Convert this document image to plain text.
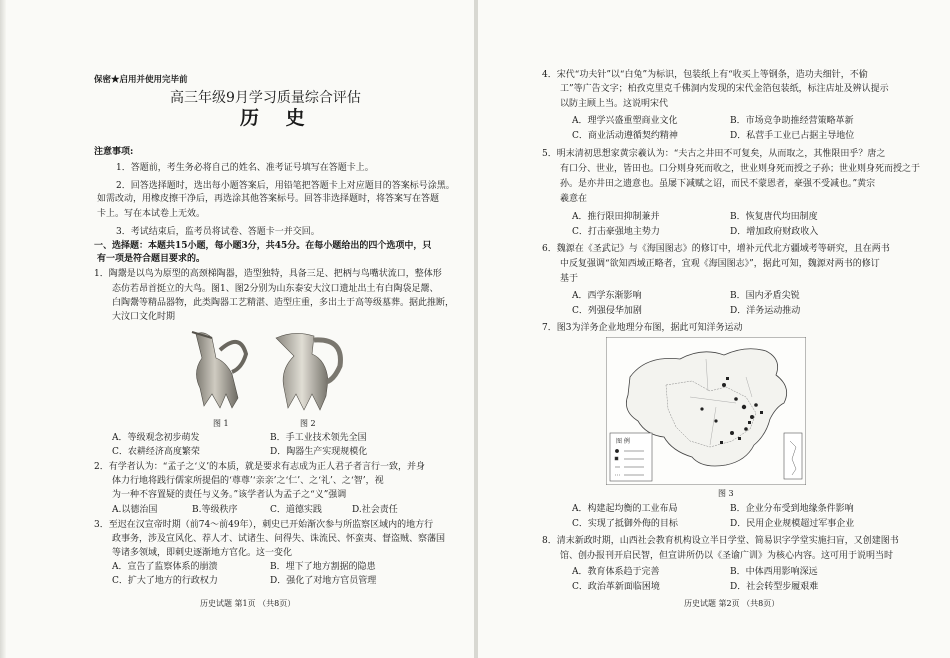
保密★启用并使用完毕前
高三年级9月学习质量综合评估
历 史
注意事项:
1．答题前，考生务必将自己的姓名、准考证号填写在答题卡上。
2．回答选择题时，选出每小题答案后，用铅笔把答题卡上对应题目的答案标号涂黑。
如需改动，用橡皮擦干净后，再选涂其他答案标号。回答非选择题时，将答案写在答题
卡上。写在本试卷上无效。
3．考试结束后，监考员将试卷、答题卡一并交回。
一、选择题：本题共15小题，每小题3分，共45分。在每小题给出的四个选项中，只
有一项是符合题目要求的。
1．陶鬶是以鸟为原型的高颈梯陶器，造型独特，具备三足、把柄与鸟嘴状流口，整体形
态仿若昂首挺立的大鸟。图1、图2分别为山东泰安大汶口遗址出土有白陶袋足鬶、
白陶鬶等精品器物，此类陶器工艺精湛、造型庄重，多出土于高等级墓葬。据此推断，
大汶口文化时期
图 1	图 2
A．等级观念初步萌发	B．手工业技术领先全国
C．农耕经济高度繁荣	D．陶器生产实现规模化
2．有学者认为：“孟子之‘义’的本质，就是要求有志成为正人君子者言行一致，并身
体力行地将践行儒家所提倡的‘尊尊’‘亲亲’之‘仁’、之‘礼’、之‘智’，视
为一种不容置疑的责任与义务。”该学者认为孟子之“义”强调
A.以德治国	B.等级秩序	C．道德实践	D.社会责任
3．至迟在汉宣帝时期（前74～前49年），刺史已开始渐次参与所监察区域内的地方行
政事务，涉及宣风化、荐人才、试诸生、问得失、诛流民、怀蛮夷、督盗贼、察藩国
等诸多领域，即刺史逐渐地方官化。这一变化
A．宣告了监察体系的崩溃	B．埋下了地方割据的隐患
C．扩大了地方的行政权力	D．强化了对地方官员管理
历史试题 第1页 （共8页）
4．宋代“功夫针”以“白兔”为标识，包装纸上有“收买上等钢条，造功夫细针，不偷
工”等广告文字；柏孜克里克千佛洞内发现的宋代金箔包装纸，标注店址及辨认提示
以防主顾上当。这说明宋代
A．理学兴盛重塑商业文化	B．市场竞争助推经营策略革新
C．商业活动遵循契约精神	D．私营手工业已占据主导地位
5．明末清初思想家黄宗羲认为：“夫古之井田不可复矣，从而取之，其惟限田乎？唐之
有口分、世业，皆田也。口分则身死而收之，世业则身死而授之子孙；世业则身死而授之于
孙。是亦井田之遗意也。虽屡下减赋之诏，而民不蒙恩者，豪强不受减也。”黄宗
羲意在
A．推行限田抑制兼并	B．恢复唐代均田制度
C．打击豪强地主势力	D．增加政府财政收入
6．魏源在《圣武记》与《海国图志》的修订中，增补元代北方疆域考等研究，且在两书
中反复强调“欲知西域正略者，宜观《海国图志》”，据此可知，魏源对两书的修订
基于
A．西学东渐影响	B．国内矛盾尖锐
C．列强侵华加剧	D．洋务运动推动
7．图3为洋务企业地理分布图，据此可知洋务运动
图 例
图 3
A．构建起均衡的工业布局	B．企业分布受到地缘条件影响
C．实现了抵御外侮的目标	D．民用企业规模超过军事企业
8．清末新政时期，山西社会教育机构设立半日学堂、简易识字学堂实施扫盲，又创建图书
馆、创办报刊开启民智，但宣讲所仍以《圣谕广训》为核心内容。这可用于说明当时
A．教育体系趋于完善	B．中体西用影响深远
C．政治革新面临困境	D．社会转型步履艰难
历史试题 第2页 （共8页）
